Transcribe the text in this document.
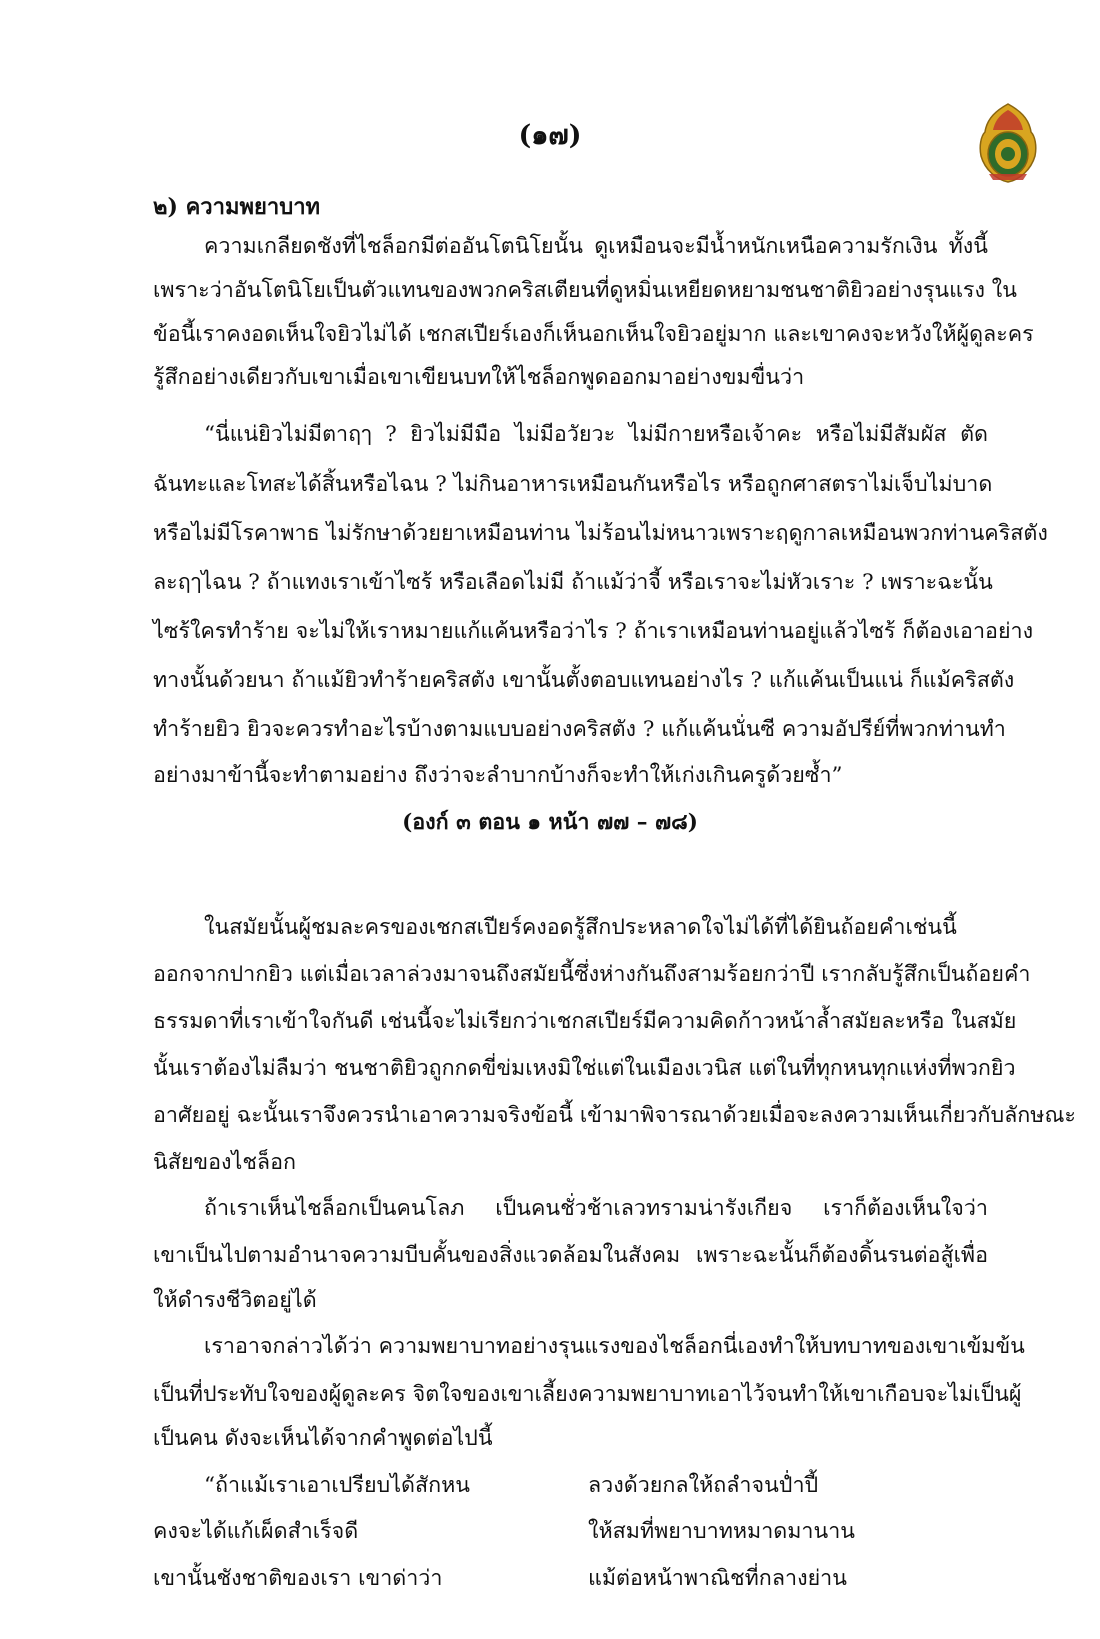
(๑๗)
๒) ความพยาบาท
ความเกลียดชังที่ไชล็อกมีต่ออันโตนิโยนั้น ดูเหมือนจะมีน้ำหนักเหนือความรักเงิน ทั้งนี้
เพราะว่าอันโตนิโยเป็นตัวแทนของพวกคริสเตียนที่ดูหมิ่นเหยียดหยามชนชาติยิวอย่างรุนแรง ใน
ข้อนี้เราคงอดเห็นใจยิวไม่ได้ เชกสเปียร์เองก็เห็นอกเห็นใจยิวอยู่มาก และเขาคงจะหวังให้ผู้ดูละคร
รู้สึกอย่างเดียวกับเขาเมื่อเขาเขียนบทให้ไชล็อกพูดออกมาอย่างขมขื่นว่า
“นี่แน่ยิวไม่มีตาฤๅ ? ยิวไม่มีมือ ไม่มีอวัยวะ ไม่มีกายหรือเจ้าคะ หรือไม่มีสัมผัส ตัด
ฉันทะและโทสะได้สิ้นหรือไฉน ? ไม่กินอาหารเหมือนกันหรือไร หรือถูกศาสตราไม่เจ็บไม่บาด
หรือไม่มีโรคาพาธ ไม่รักษาด้วยยาเหมือนท่าน ไม่ร้อนไม่หนาวเพราะฤดูกาลเหมือนพวกท่านคริสตัง
ละฤๅไฉน ? ถ้าแทงเราเข้าไซร้ หรือเลือดไม่มี ถ้าแม้ว่าจี้ หรือเราจะไม่หัวเราะ ? เพราะฉะนั้น
ไซร้ใครทำร้าย จะไม่ให้เราหมายแก้แค้นหรือว่าไร ? ถ้าเราเหมือนท่านอยู่แล้วไซร้ ก็ต้องเอาอย่าง
ทางนั้นด้วยนา ถ้าแม้ยิวทำร้ายคริสตัง เขานั้นตั้งตอบแทนอย่างไร ? แก้แค้นเป็นแน่ ก็แม้คริสตัง
ทำร้ายยิว ยิวจะควรทำอะไรบ้างตามแบบอย่างคริสตัง ? แก้แค้นนั่นซี ความอัปรีย์ที่พวกท่านทำ
อย่างมาข้านี้จะทำตามอย่าง ถึงว่าจะลำบากบ้างก็จะทำให้เก่งเกินครูด้วยซ้ำ”
(องก์ ๓ ตอน ๑ หน้า ๗๗ – ๗๘)
ในสมัยนั้นผู้ชมละครของเชกสเปียร์คงอดรู้สึกประหลาดใจไม่ได้ที่ได้ยินถ้อยคำเช่นนี้
ออกจากปากยิว แต่เมื่อเวลาล่วงมาจนถึงสมัยนี้ซึ่งห่างกันถึงสามร้อยกว่าปี เรากลับรู้สึกเป็นถ้อยคำ
ธรรมดาที่เราเข้าใจกันดี เช่นนี้จะไม่เรียกว่าเชกสเปียร์มีความคิดก้าวหน้าล้ำสมัยละหรือ ในสมัย
นั้นเราต้องไม่ลืมว่า ชนชาติยิวถูกกดขี่ข่มเหงมิใช่แต่ในเมืองเวนิส แต่ในที่ทุกหนทุกแห่งที่พวกยิว
อาศัยอยู่ ฉะนั้นเราจึงควรนำเอาความจริงข้อนี้ เข้ามาพิจารณาด้วยเมื่อจะลงความเห็นเกี่ยวกับลักษณะ
นิสัยของไชล็อก
ถ้าเราเห็นไชล็อกเป็นคนโลภ เป็นคนชั่วช้าเลวทรามน่ารังเกียจ เราก็ต้องเห็นใจว่า
เขาเป็นไปตามอำนาจความบีบคั้นของสิ่งแวดล้อมในสังคม เพราะฉะนั้นก็ต้องดิ้นรนต่อสู้เพื่อ
ให้ดำรงชีวิตอยู่ได้
เราอาจกล่าวได้ว่า ความพยาบาทอย่างรุนแรงของไชล็อกนี่เองทำให้บทบาทของเขาเข้มข้น
เป็นที่ประทับใจของผู้ดูละคร จิตใจของเขาเลี้ยงความพยาบาทเอาไว้จนทำให้เขาเกือบจะไม่เป็นผู้
เป็นคน ดังจะเห็นได้จากคำพูดต่อไปนี้
“ถ้าแม้เราเอาเปรียบได้สักหน
คงจะได้แก้เผ็ดสำเร็จดี
เขานั้นชังชาติของเรา เขาด่าว่า
ลวงด้วยกลให้ถลำจนป่ำปี้
ให้สมที่พยาบาทหมาดมานาน
แม้ต่อหน้าพาณิชที่กลางย่าน
